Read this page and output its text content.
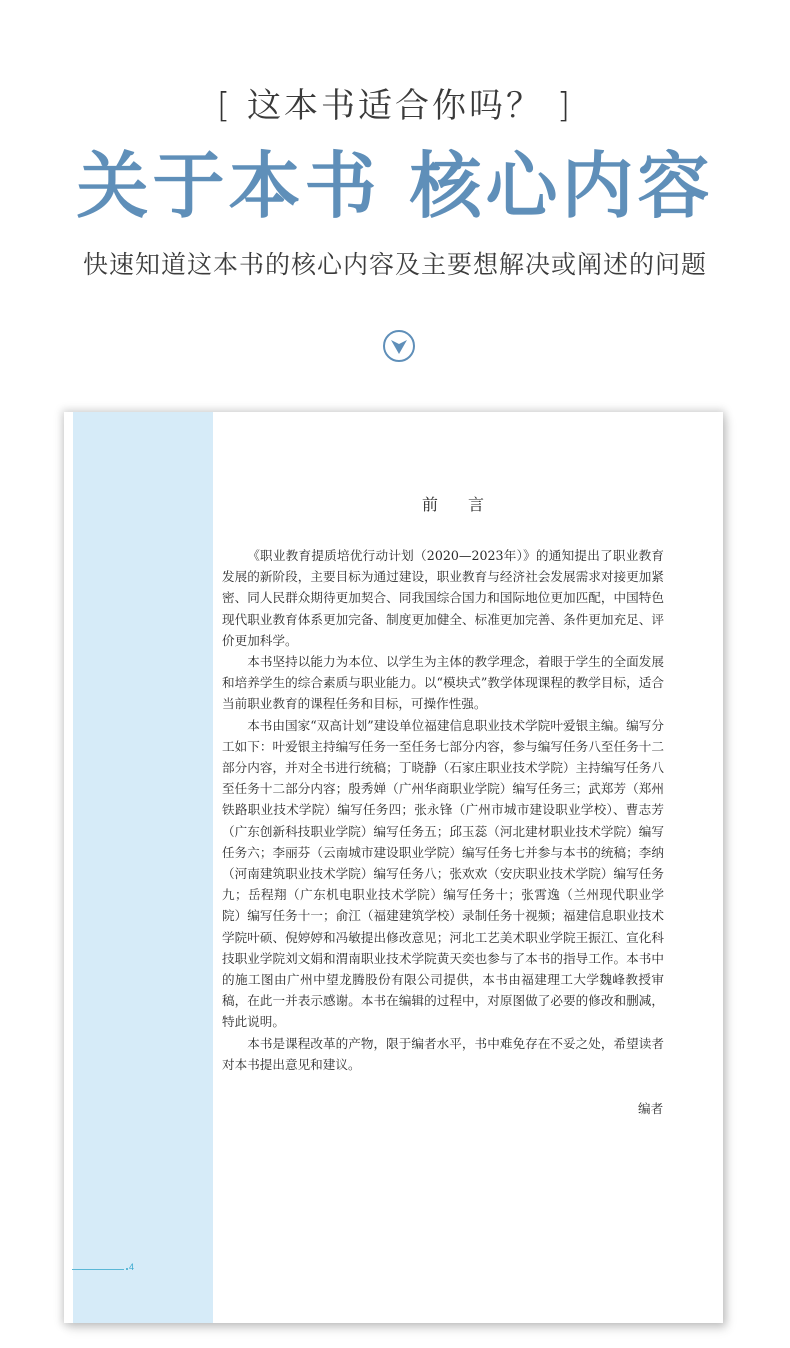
[ 这本书适合你吗？ ]
关于本书 核心内容
快速知道这本书的核心内容及主要想解决或阐述的问题
4
前言

《职业教育提质培优行动计划（2020—2023年）》的通知提出了职业教育发展的新阶段，主要目标为通过建设，职业教育与经济社会发展需求对接更加紧密、同人民群众期待更加契合、同我国综合国力和国际地位更加匹配，中国特色现代职业教育体系更加完备、制度更加健全、标准更加完善、条件更加充足、评价更加科学。

本书坚持以能力为本位、以学生为主体的教学理念，着眼于学生的全面发展和培养学生的综合素质与职业能力。以“模块式”教学体现课程的教学目标，适合当前职业教育的课程任务和目标，可操作性强。

本书由国家“双高计划”建设单位福建信息职业技术学院叶爱银主编。编写分工如下：叶爱银主持编写任务一至任务七部分内容，参与编写任务八至任务十二部分内容，并对全书进行统稿；丁晓静（石家庄职业技术学院）主持编写任务八至任务十二部分内容；殷秀婵（广州华商职业学院）编写任务三；武郑芳（郑州铁路职业技术学院）编写任务四；张永锋（广州市城市建设职业学校）、曹志芳（广东创新科技职业学院）编写任务五；邱玉蕊（河北建材职业技术学院）编写任务六；李丽芬（云南城市建设职业学院）编写任务七并参与本书的统稿；李纳（河南建筑职业技术学院）编写任务八；张欢欢（安庆职业技术学院）编写任务九；岳程翔（广东机电职业技术学院）编写任务十；张霄逸（兰州现代职业学院）编写任务十一；俞江（福建建筑学校）录制任务十视频；福建信息职业技术学院叶硕、倪婷婷和冯敏提出修改意见；河北工艺美术职业学院王振江、宣化科技职业学院刘文娟和渭南职业技术学院黄天奕也参与了本书的指导工作。本书中的施工图由广州中望龙腾股份有限公司提供，本书由福建理工大学魏峰教授审稿，在此一并表示感谢。本书在编辑的过程中，对原图做了必要的修改和删减，特此说明。

本书是课程改革的产物，限于编者水平，书中难免存在不妥之处，希望读者对本书提出意见和建议。

编者
